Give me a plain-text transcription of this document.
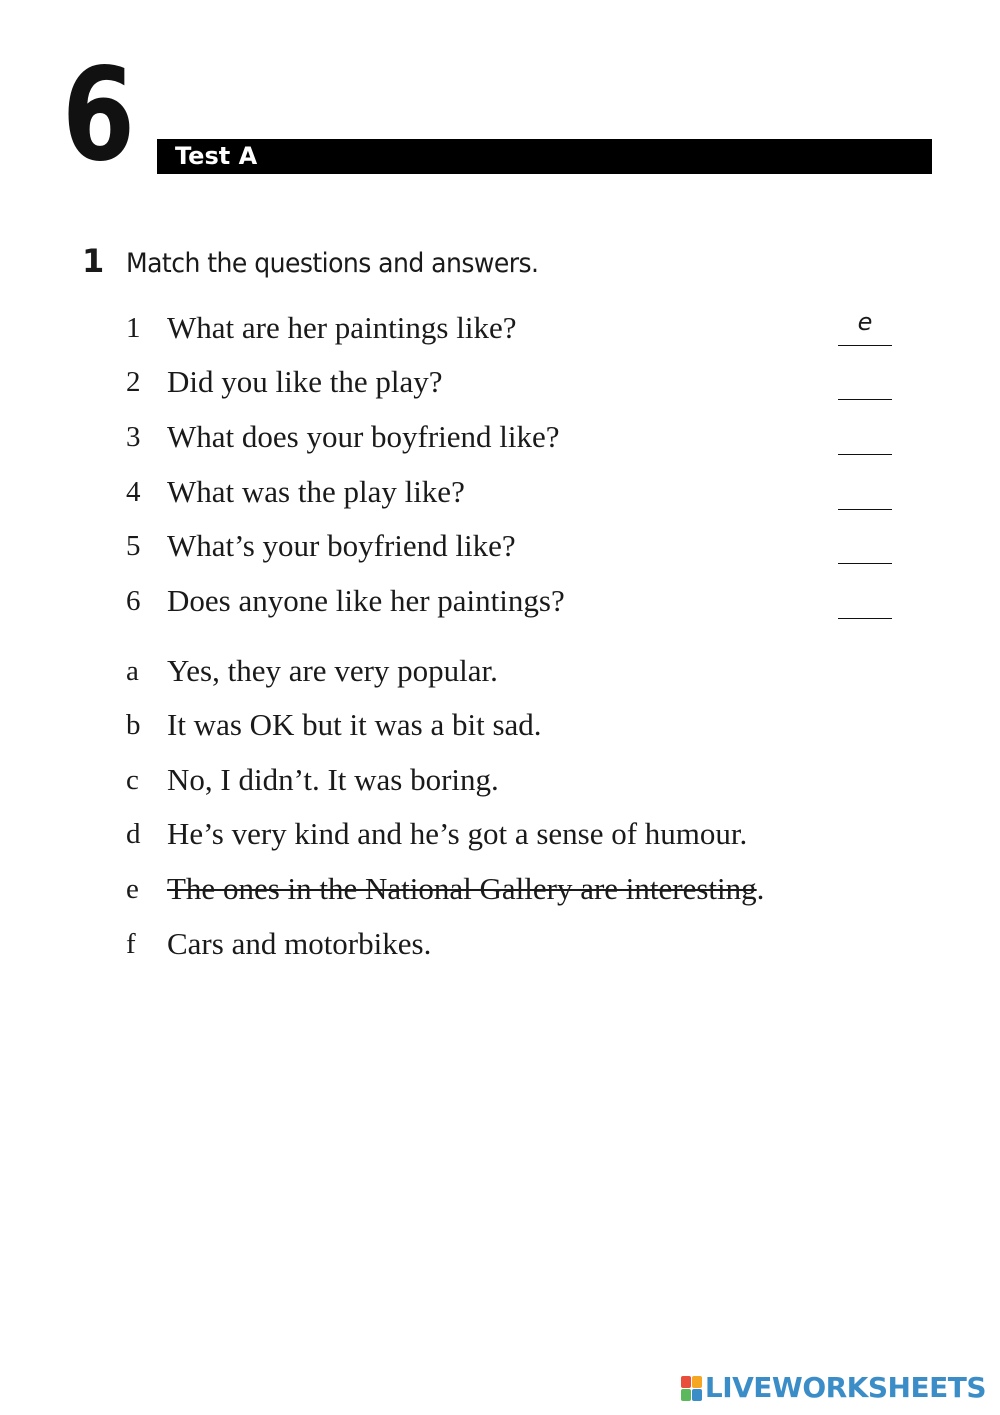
6 Test A
1 Match the questions and answers.
1 What are her paintings like?	e
2 Did you like the play?
3 What does your boyfriend like?
4 What was the play like?
5 What’s your boyfriend like?
6 Does anyone like her paintings?
a Yes, they are very popular.
b It was OK but it was a bit sad.
c No, I didn’t. It was boring.
d He’s very kind and he’s got a sense of humour.
e The ones in the National Gallery are interesting.
f Cars and motorbikes.
LIVEWORKSHEETS
